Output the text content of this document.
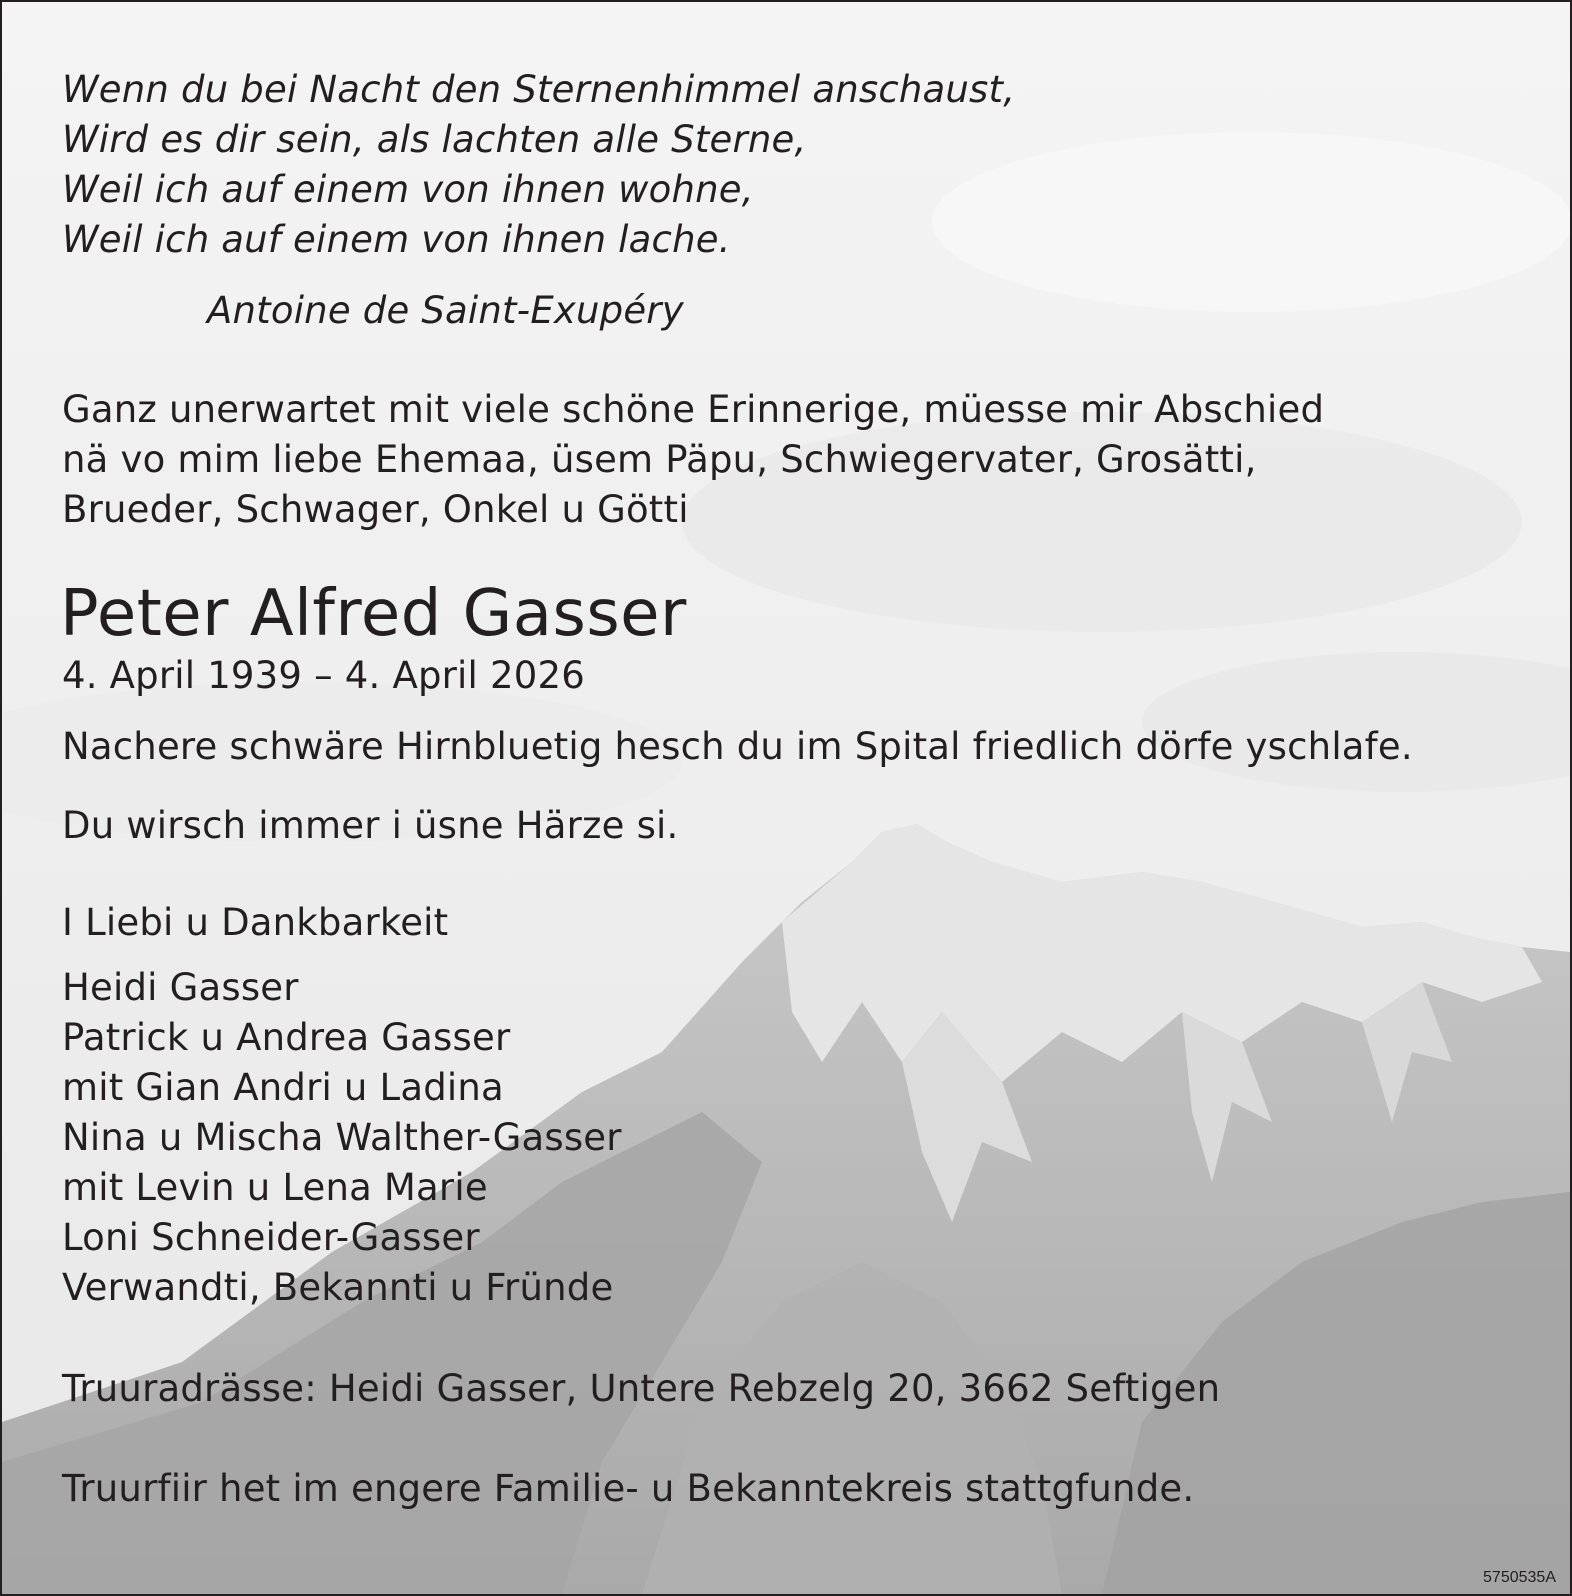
Wenn du bei Nacht den Sternenhimmel anschaust,
Wird es dir sein, als lachten alle Sterne,
Weil ich auf einem von ihnen wohne,
Weil ich auf einem von ihnen lache.
Antoine de Saint-Exupéry
Ganz unerwartet mit viele schöne Erinnerige, müesse mir Abschied
nä vo mim liebe Ehemaa, üsem Päpu, Schwiegervater, Grosätti,
Brueder, Schwager, Onkel u Götti
Peter Alfred Gasser
4. April 1939 – 4. April 2026
Nachere schwäre Hirnbluetig hesch du im Spital friedlich dörfe yschlafe.
Du wirsch immer i üsne Härze si.
I Liebi u Dankbarkeit
Heidi Gasser
Patrick u Andrea Gasser
mit Gian Andri u Ladina
Nina u Mischa Walther-Gasser
mit Levin u Lena Marie
Loni Schneider-Gasser
Verwandti, Bekannti u Fründe
Truuradrässe: Heidi Gasser, Untere Rebzelg 20, 3662 Seftigen
Truurfiir het im engere Familie- u Bekanntekreis stattgfunde.
5750535A
